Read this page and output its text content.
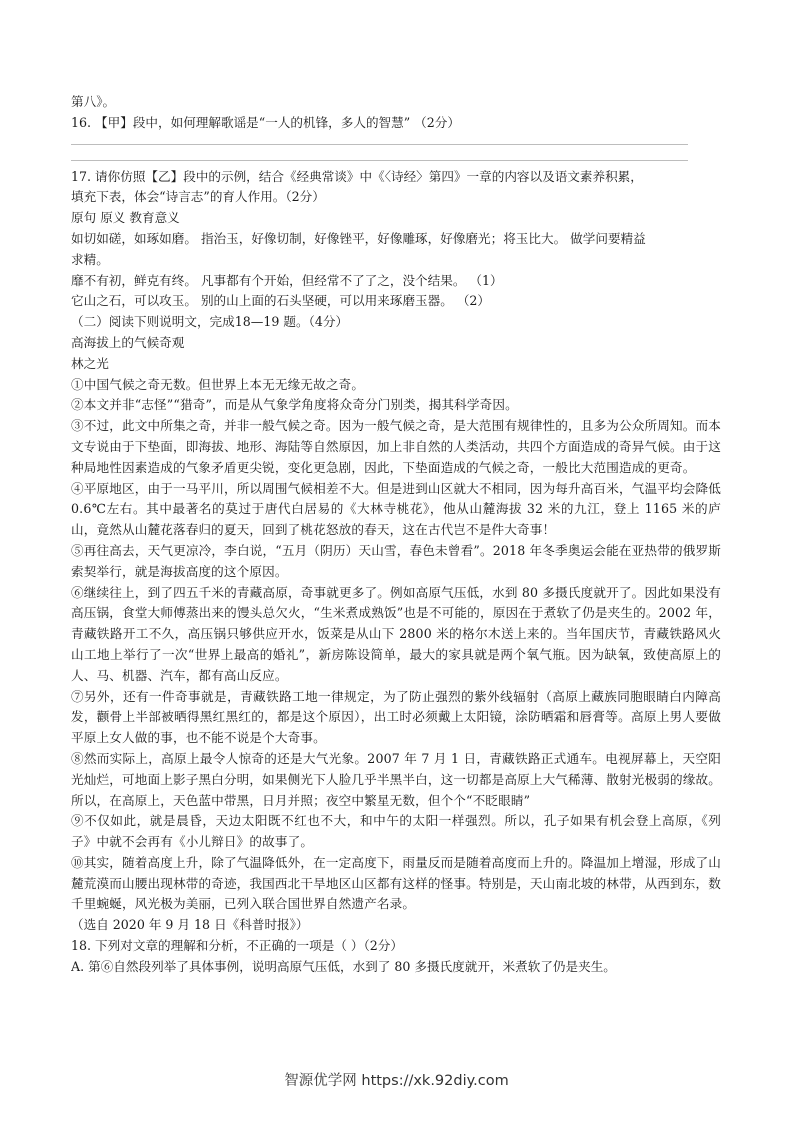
第八》。
16. 【甲】段中，如何理解歌谣是“一人的机锋，多人的智慧” （2分）
17. 请你仿照【乙】段中的示例，结合《经典常谈》中《〈诗经〉第四》一章的内容以及语文素养积累，
填充下表，体会“诗言志”的育人作用。（2分）
原句 原义 教育意义
如切如磋，如琢如磨。 指治玉，好像切制，好像锉平，好像雕琢，好像磨光；将玉比大。 做学问要精益
求精。
靡不有初，鲜克有终。 凡事都有个开始，但经常不了了之，没个结果。 （1）
它山之石，可以攻玉。 别的山上面的石头坚硬，可以用来琢磨玉器。 （2）
（二）阅读下则说明文，完成18—19 题。（4分）
高海拔上的气候奇观
林之光
①中国气候之奇无数。但世界上本无无缘无故之奇。
②本文并非“志怪”“猎奇”，而是从气象学角度将众奇分门别类，揭其科学奇因。
③不过，此文中所集之奇，并非一般气候之奇。因为一般气候之奇，是大范围有规律性的，且多为公众所周知。而本文专说由于下垫面，即海拔、地形、海陆等自然原因，加上非自然的人类活动，共四个方面造成的奇异气候。由于这种局地性因素造成的气象矛盾更尖锐，变化更急剧，因此，下垫面造成的气候之奇，一般比大范围造成的更奇。
④平原地区，由于一马平川，所以周围气候相差不大。但是进到山区就大不相同，因为每升高百米，气温平均会降低 0.6℃左右。其中最著名的莫过于唐代白居易的《大林寺桃花》，他从山麓海拔 32 米的九江，登上 1165 米的庐山，竟然从山麓花落春归的夏天，回到了桃花怒放的春天，这在古代岂不是件大奇事！
⑤再往高去，天气更凉冷，李白说，“五月（阴历）天山雪，春色未曾看”。2018 年冬季奥运会能在亚热带的俄罗斯索契举行，就是海拔高度的这个原因。
⑥继续往上，到了四五千米的青藏高原，奇事就更多了。例如高原气压低，水到 80 多摄氏度就开了。因此如果没有高压锅，食堂大师傅蒸出来的馒头总欠火，“生米煮成熟饭”也是不可能的，原因在于煮软了仍是夹生的。2002 年，青藏铁路开工不久，高压锅只够供应开水，饭菜是从山下 2800 米的格尔木送上来的。当年国庆节，青藏铁路风火山工地上举行了一次“世界上最高的婚礼”，新房陈设简单，最大的家具就是两个氧气瓶。因为缺氧，致使高原上的人、马、机器、汽车，都有高山反应。
⑦另外，还有一件奇事就是，青藏铁路工地一律规定，为了防止强烈的紫外线辐射（高原上藏族同胞眼睛白内障高发，颧骨上半部被晒得黑红黑红的，都是这个原因），出工时必须戴上太阳镜，涂防晒霜和唇膏等。高原上男人要做平原上女人做的事，也不能不说是个大奇事。
⑧然而实际上，高原上最令人惊奇的还是大气光象。2007 年 7 月 1 日，青藏铁路正式通车。电视屏幕上，天空阳光灿烂，可地面上影子黑白分明，如果侧光下人脸几乎半黑半白，这一切都是高原上大气稀薄、散射光极弱的缘故。所以，在高原上，天色蓝中带黑，日月并照；夜空中繁星无数，但个个“不眨眼睛”
⑨不仅如此，就是晨昏，天边太阳既不红也不大，和中午的太阳一样强烈。所以，孔子如果有机会登上高原，《列子》中就不会再有《小儿辩日》的故事了。
⑩其实，随着高度上升，除了气温降低外，在一定高度下，雨量反而是随着高度而上升的。降温加上增湿，形成了山麓荒漠而山腰出现林带的奇迹，我国西北干旱地区山区都有这样的怪事。特别是，天山南北坡的林带，从西到东，数千里蜿蜒，风光极为美丽，已列入联合国世界自然遗产名录。
（选自 2020 年 9 月 18 日《科普时报》）
18. 下列对文章的理解和分析，不正确的一项是（ ）（2分）
A. 第⑥自然段列举了具体事例，说明高原气压低，水到了 80 多摄氏度就开，米煮软了仍是夹生。
智源优学网 https://xk.92diy.com
